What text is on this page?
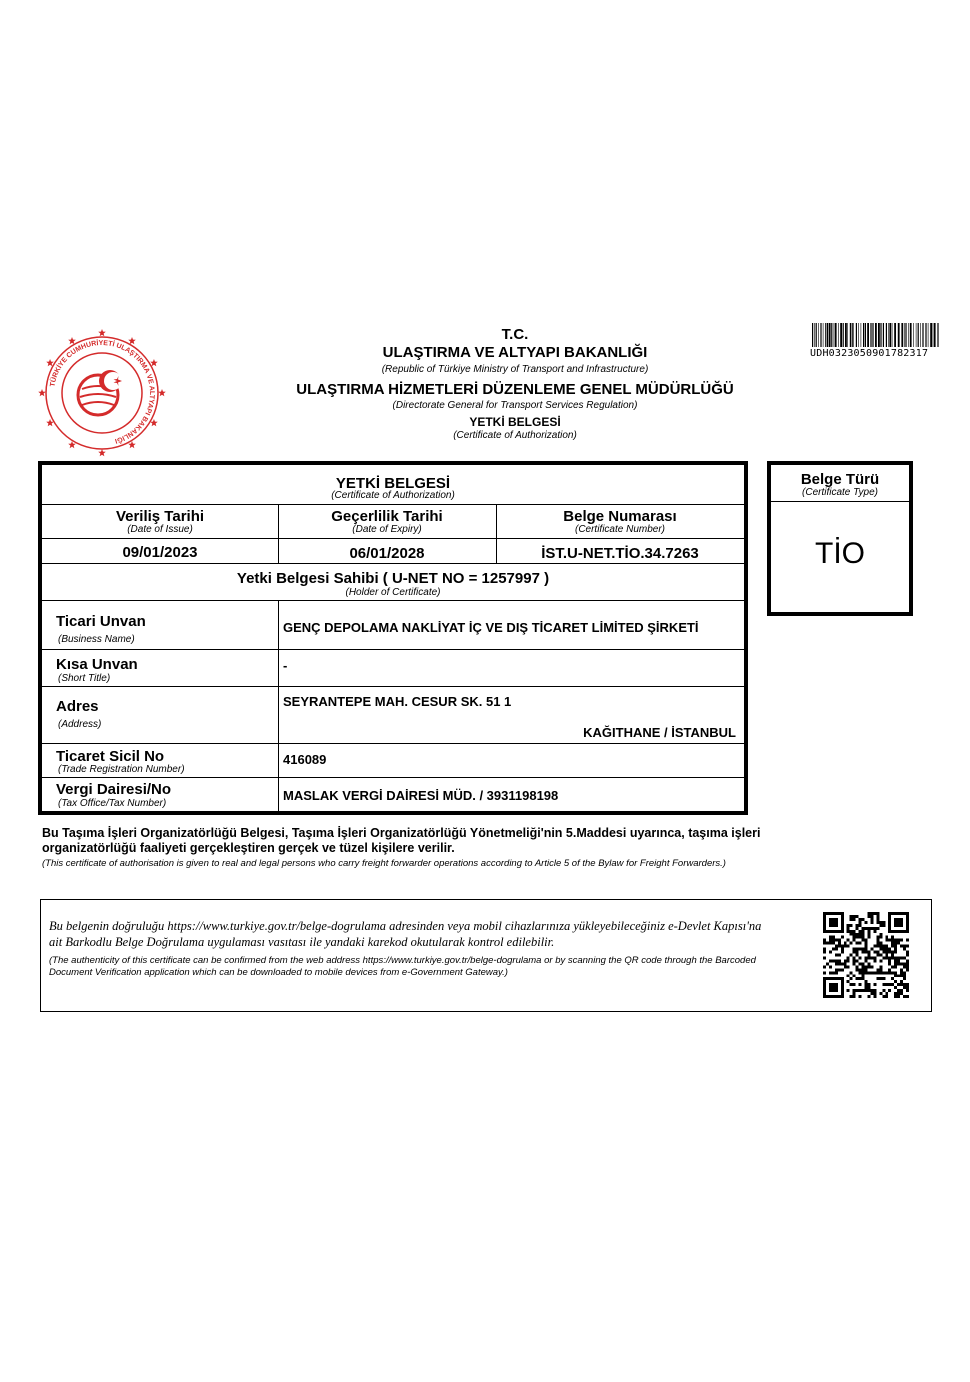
TÜRKİYE CUMHURİYETİ ULAŞTIRMA VE ALTYAPI BAKANLIĞI
T.C.
ULAŞTIRMA VE ALTYAPI BAKANLIĞI
(Republic of Türkiye Ministry of Transport and Infrastructure)
ULAŞTIRMA HİZMETLERİ DÜZENLEME GENEL MÜDÜRLÜĞÜ
(Directorate General for Transport Services Regulation)
YETKİ BELGESİ
(Certificate of Authorization)
UDH0323050901782317
YETKİ BELGESİ
(Certificate of Authorization)
Veriliş Tarihi
(Date of Issue)
Geçerlilik Tarihi
(Date of Expiry)
Belge Numarası
(Certificate Number)
09/01/2023	06/01/2028	İST.U-NET.TİO.34.7263
Yetki Belgesi Sahibi ( U-NET NO = 1257997 )
(Holder of Certificate)
Ticari Unvan
(Business Name)
GENÇ DEPOLAMA NAKLİYAT İÇ VE DIŞ TİCARET LİMİTED ŞİRKETİ
Kısa Unvan
(Short Title)
-
Adres
(Address)
SEYRANTEPE MAH. CESUR SK. 51 1
KAĞITHANE / İSTANBUL
Ticaret Sicil No
(Trade Registration Number)
416089
Vergi Dairesi/No
(Tax Office/Tax Number)
MASLAK VERGİ DAİRESİ MÜD. / 3931198198
Belge Türü
(Certificate Type)
TİO
Bu Taşıma İşleri Organizatörlüğü Belgesi, Taşıma İşleri Organizatörlüğü Yönetmeliği'nin 5.Maddesi uyarınca, taşıma işleri organizatörlüğü faaliyeti gerçekleştiren gerçek ve tüzel kişilere verilir.
(This certificate of authorisation is given to real and legal persons who carry freight forwarder operations according to Article 5 of the Bylaw for Freight Forwarders.)
Bu belgenin doğruluğu https://www.turkiye.gov.tr/belge-dogrulama adresinden veya mobil cihazlarınıza yükleyebileceğiniz e-Devlet Kapısı'na ait Barkodlu Belge Doğrulama uygulaması vasıtası ile yandaki karekod okutularak kontrol edilebilir.
(The authenticity of this certificate can be confirmed from the web address https://www.turkiye.gov.tr/belge-dogrulama or by scanning the QR code through the Barcoded Document Verification application which can be downloaded to mobile devices from e-Government Gateway.)
